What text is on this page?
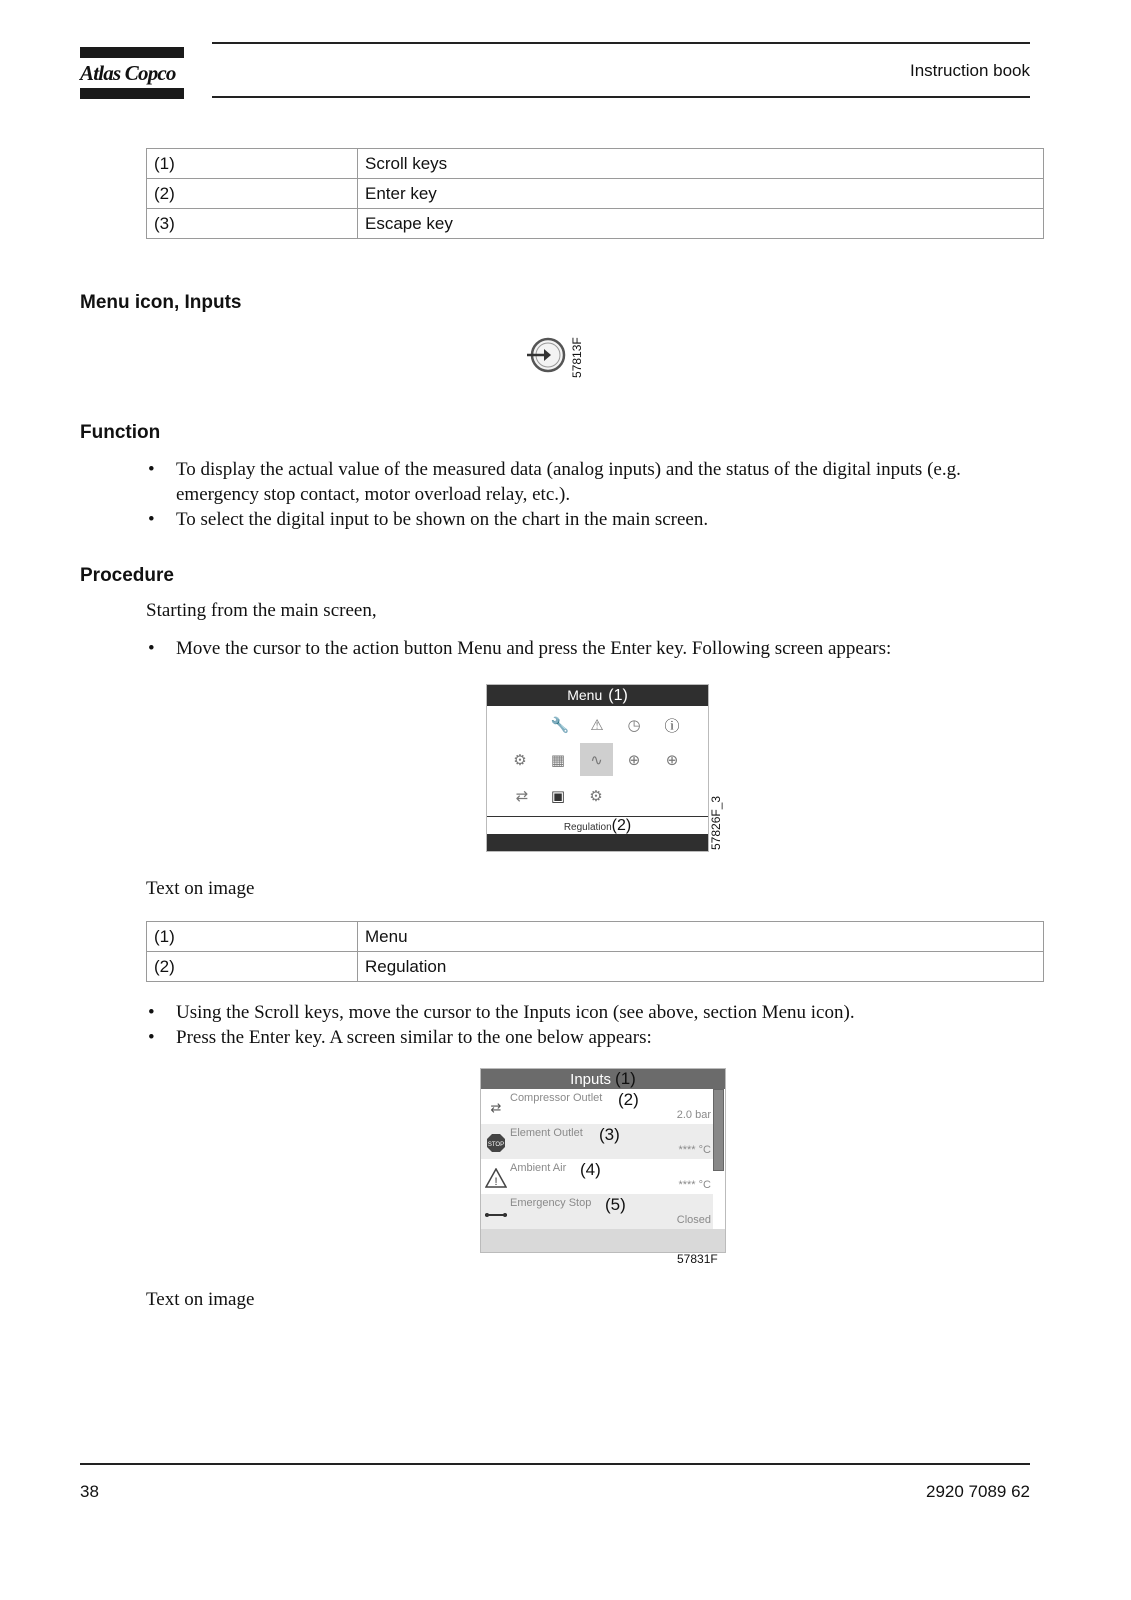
Atlas Copco	Instruction book
(1)	Scroll keys
(2)	Enter key
(3)	Escape key
Menu icon, Inputs
57813F
Function
• To display the actual value of the measured data (analog inputs) and the status of the digital inputs (e.g. emergency stop contact, motor overload relay, etc.).
• To select the digital input to be shown on the chart in the main screen.
Procedure

Starting from the main screen,

• Move the cursor to the action button Menu and press the Enter key. Following screen appears:
Menu (1)
🔧	⚠	◷	ⓘ
⚙	▦	∿	⊕	⊕
⇄	▣	⚙
Regulation(2)	57826F_3

Text on image

(1)	Menu
(2)	Regulation
• Using the Scroll keys, move the cursor to the Inputs icon (see above, section Menu icon).
• Press the Enter key. A screen similar to the one below appears:
Inputs (1)
⇄
Compressor Outlet (2)
2.0 bar
STOP
Element Outlet (3)
**** °C
!
Ambient Air (4)
**** °C
Emergency Stop (5)
Closed
57831F

Text on image

38	2920 7089 62
